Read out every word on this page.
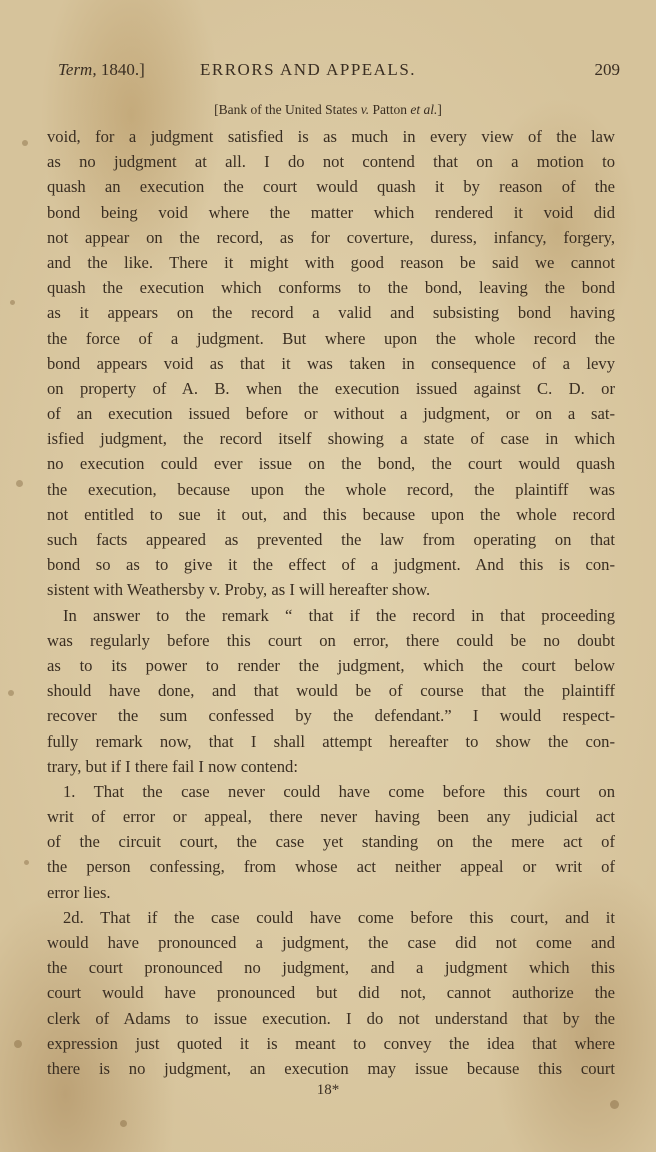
Term, 1840.]	ERRORS AND APPEALS.	209
[Bank of the United States v. Patton et al.]
void, for a judgment satisfied is as much in every view of the law
as no judgment at all. I do not contend that on a motion to
quash an execution the court would quash it by reason of the
bond being void where the matter which rendered it void did
not appear on the record, as for coverture, duress, infancy, forgery,
and the like. There it might with good reason be said we cannot
quash the execution which conforms to the bond, leaving the bond
as it appears on the record a valid and subsisting bond having
the force of a judgment. But where upon the whole record the
bond appears void as that it was taken in consequence of a levy
on property of A. B. when the execution issued against C. D. or
of an execution issued before or without a judgment, or on a sat-
isfied judgment, the record itself showing a state of case in which
no execution could ever issue on the bond, the court would quash
the execution, because upon the whole record, the plaintiff was
not entitled to sue it out, and this because upon the whole record
such facts appeared as prevented the law from operating on that
bond so as to give it the effect of a judgment. And this is con-
sistent with Weathersby v. Proby, as I will hereafter show.
In answer to the remark “ that if the record in that proceeding
was regularly before this court on error, there could be no doubt
as to its power to render the judgment, which the court below
should have done, and that would be of course that the plaintiff
recover the sum confessed by the defendant.” I would respect-
fully remark now, that I shall attempt hereafter to show the con-
trary, but if I there fail I now contend:
1. That the case never could have come before this court on
writ of error or appeal, there never having been any judicial act
of the circuit court, the case yet standing on the mere act of
the person confessing, from whose act neither appeal or writ of
error lies.
2d. That if the case could have come before this court, and it
would have pronounced a judgment, the case did not come and
the court pronounced no judgment, and a judgment which this
court would have pronounced but did not, cannot authorize the
clerk of Adams to issue execution. I do not understand that by the
expression just quoted it is meant to convey the idea that where
there is no judgment, an execution may issue because this court
18*
